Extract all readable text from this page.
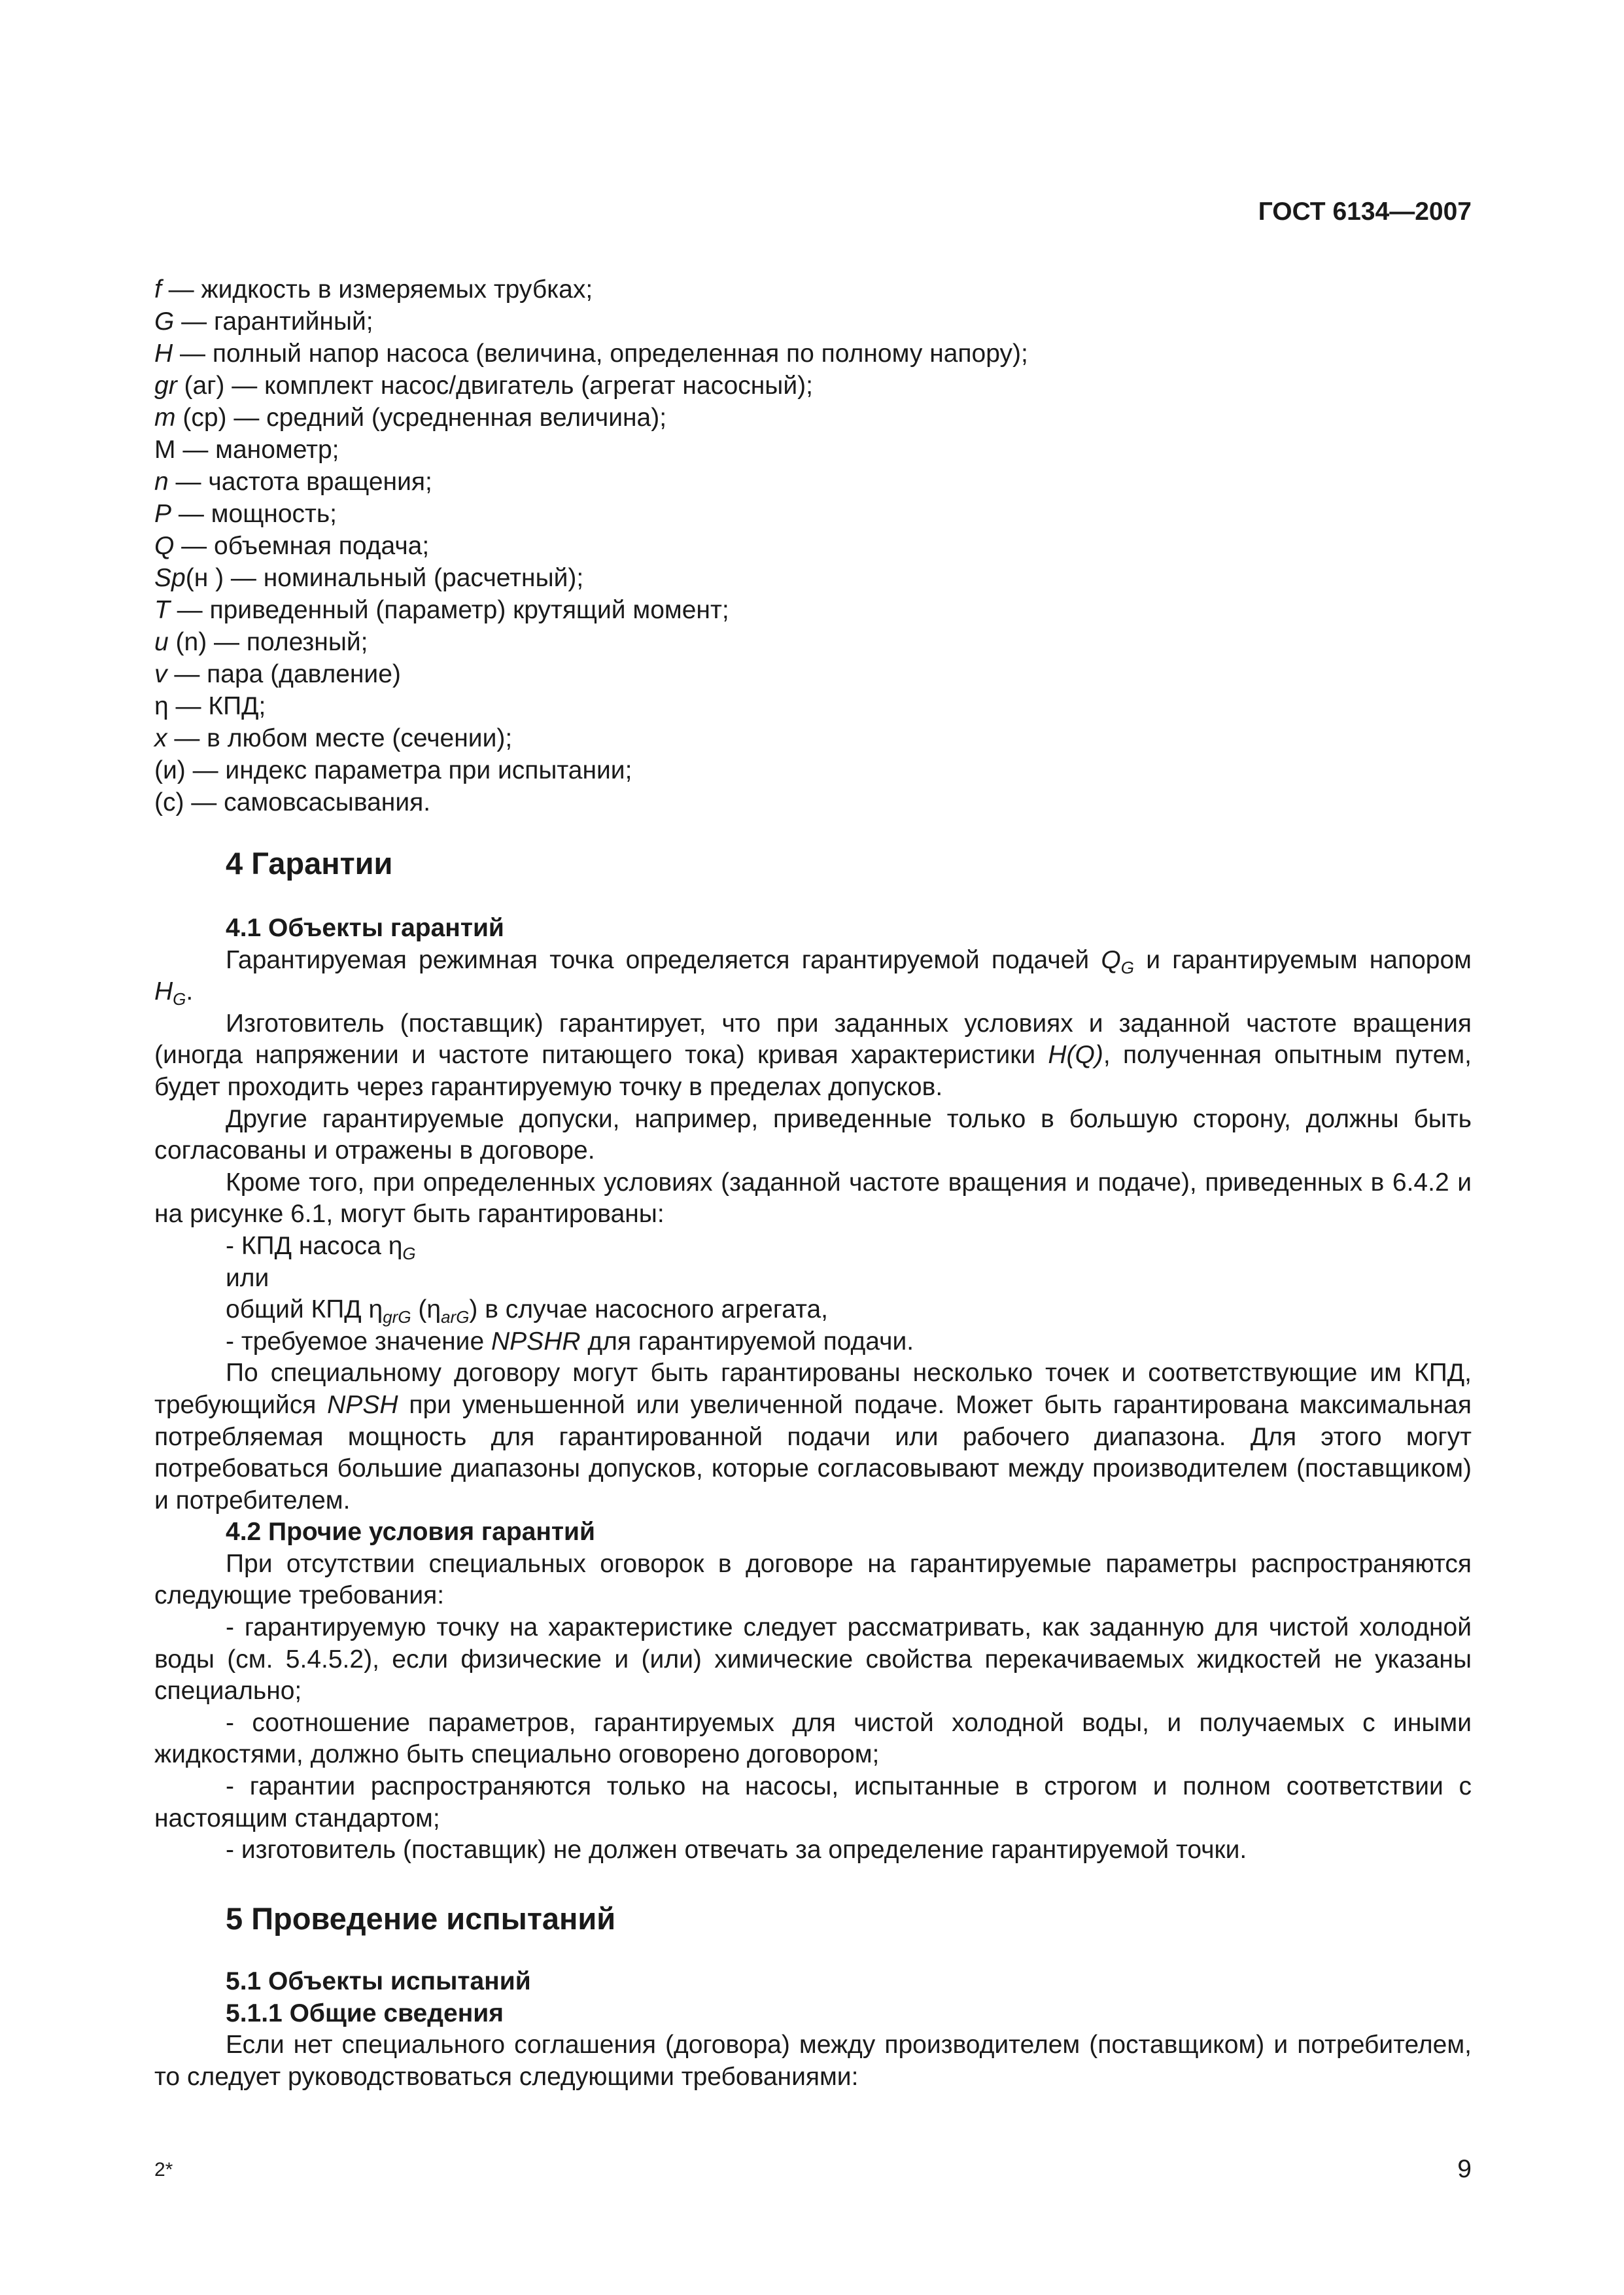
ГОСТ 6134—2007
f — жидкость в измеряемых трубках;
G — гарантийный;
H — полный напор насоса (величина, определенная по полному напору);
gr (аг) — комплект насос/двигатель (агрегат насосный);
m (ср) — средний (усредненная величина);
М — манометр;
n — частота вращения;
P — мощность;
Q — объемная подача;
Sp(н ) — номинальный (расчетный);
T — приведенный (параметр) крутящий момент;
u (n) — полезный;
v — пара (давление)
η — КПД;
x — в любом месте (сечении);
(и) — индекс параметра при испытании;
(с) — самовсасывания.
4 Гарантии

4.1 Объекты гарантий

Гарантируемая режимная точка определяется гарантируемой подачей $Q_G$ и гарантируемым напором $H_G$.

Изготовитель (поставщик) гарантирует, что при заданных условиях и заданной частоте вращения (иногда напряжении и частоте питающего тока) кривая характеристики H(Q), полученная опытным путем, будет проходить через гарантируемую точку в пределах допусков.

Другие гарантируемые допуски, например, приведенные только в большую сторону, должны быть согласованы и отражены в договоре.

Кроме того, при определенных условиях (заданной частоте вращения и подаче), приведенных в 6.4.2 и на рисунке 6.1, могут быть гарантированы:

- КПД насоса $\eta_G$

или

общий КПД $\eta_{grG}$ $(\eta_{arG})$ в случае насосного агрегата,

- требуемое значение NPSHR для гарантируемой подачи.

По специальному договору могут быть гарантированы несколько точек и соответствующие им КПД, требующийся NPSH при уменьшенной или увеличенной подаче. Может быть гарантирована максимальная потребляемая мощность для гарантированной подачи или рабочего диапазона. Для этого могут потребоваться большие диапазоны допусков, которые согласовывают между производителем (поставщиком) и потребителем.

4.2 Прочие условия гарантий

При отсутствии специальных оговорок в договоре на гарантируемые параметры распространяются следующие требования:

- гарантируемую точку на характеристике следует рассматривать, как заданную для чистой холодной воды (см. 5.4.5.2), если физические и (или) химические свойства перекачиваемых жидкостей не указаны специально;

- соотношение параметров, гарантируемых для чистой холодной воды, и получаемых с иными жидкостями, должно быть специально оговорено договором;

- гарантии распространяются только на насосы, испытанные в строгом и полном соответствии с настоящим стандартом;

- изготовитель (поставщик) не должен отвечать за определение гарантируемой точки.

5 Проведение испытаний

5.1 Объекты испытаний

5.1.1 Общие сведения

Если нет специального соглашения (договора) между производителем (поставщиком) и потребителем, то следует руководствоваться следующими требованиями:

2*	9
